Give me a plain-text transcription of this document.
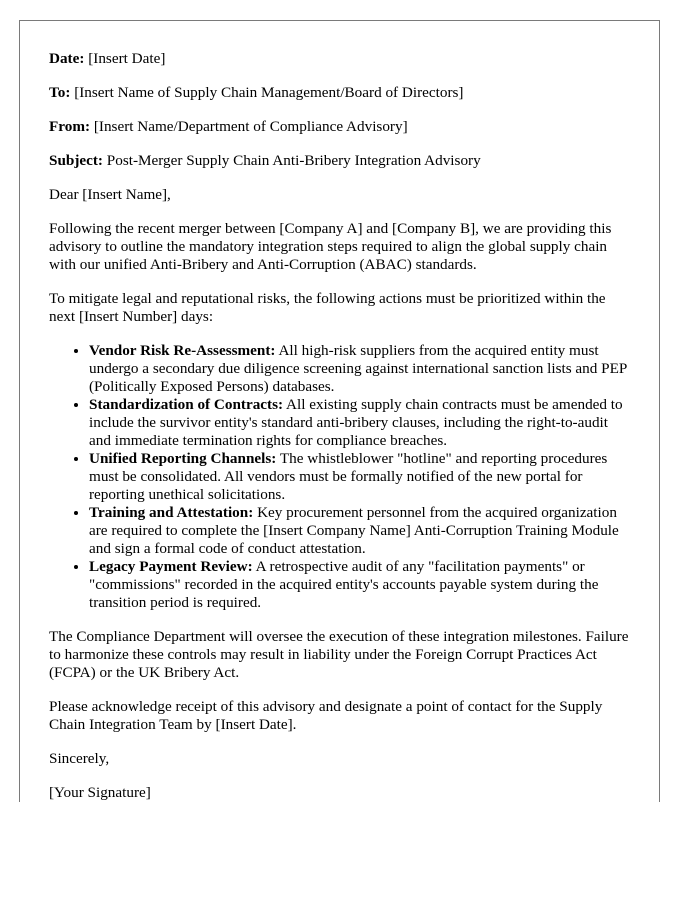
Date: [Insert Date]

To: [Insert Name of Supply Chain Management/Board of Directors]

From: [Insert Name/Department of Compliance Advisory]

Subject: Post-Merger Supply Chain Anti-Bribery Integration Advisory

Dear [Insert Name],

Following the recent merger between [Company A] and [Company B], we are providing this advisory to outline the mandatory integration steps required to align the global supply chain with our unified Anti-Bribery and Anti-Corruption (ABAC) standards.

To mitigate legal and reputational risks, the following actions must be prioritized within the next [Insert Number] days:

• Vendor Risk Re-Assessment: All high-risk suppliers from the acquired entity must undergo a secondary due diligence screening against international sanction lists and PEP (Politically Exposed Persons) databases.
• Standardization of Contracts: All existing supply chain contracts must be amended to include the survivor entity's standard anti-bribery clauses, including the right-to-audit and immediate termination rights for compliance breaches.
• Unified Reporting Channels: The whistleblower "hotline" and reporting procedures must be consolidated. All vendors must be formally notified of the new portal for reporting unethical solicitations.
• Training and Attestation: Key procurement personnel from the acquired organization are required to complete the [Insert Company Name] Anti-Corruption Training Module and sign a formal code of conduct attestation.
• Legacy Payment Review: A retrospective audit of any "facilitation payments" or "commissions" recorded in the acquired entity's accounts payable system during the transition period is required.

The Compliance Department will oversee the execution of these integration milestones. Failure to harmonize these controls may result in liability under the Foreign Corrupt Practices Act (FCPA) or the UK Bribery Act.

Please acknowledge receipt of this advisory and designate a point of contact for the Supply Chain Integration Team by [Insert Date].

Sincerely,

[Your Signature]
